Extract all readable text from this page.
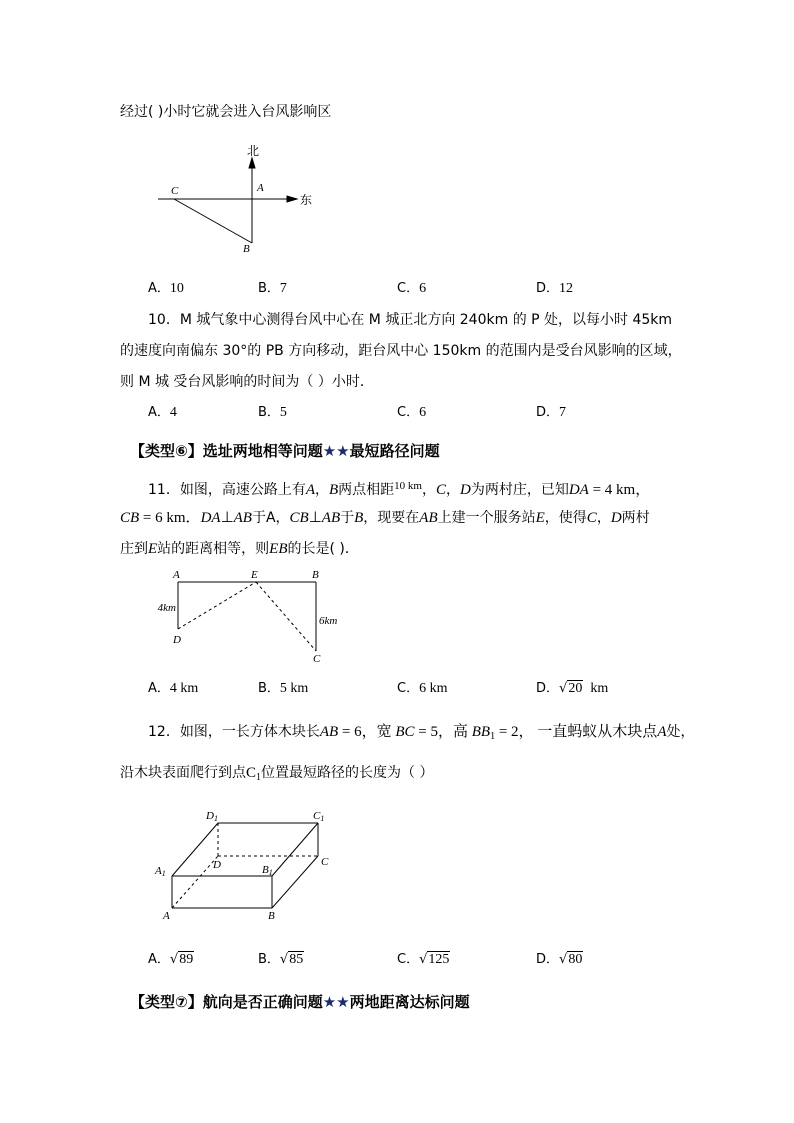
经过( )小时它就会进入台风影响区
北
东
C	A
B
A．10	B．7	C．6	D．12
10．M 城气象中心测得台风中心在 M 城正北方向 240km 的 P 处，以每小时 45km
的速度向南偏东 30°的 PB 方向移动，距台风中心 150km 的范围内是受台风影响的区域，
则 M 城 受台风影响的时间为（ ）小时．
A．4	B．5	C．6	D．7
【类型⑥】选址两地相等问题★★最短路径问题
11．如图，高速公路上有A，B两点相距$^{10 km}$，C，D为两村庄，已知DA = 4 km，
CB = 6 km．DA⊥AB于A，CB⊥AB于B，现要在AB上建一个服务站E，使得C，D两村
庄到E站的距离相等，则EB的长是( )．
A	E	B
D
C
4km
6km
A．4 km	B．5 km	C．6 km	D．√20 km
12．如图，一长方体木块长AB = 6，宽 BC = 5，高 $BB_1 = 2$， 一直蚂蚁从木块点A处，
沿木块表面爬行到点$C_1$位置最短路径的长度为（ ）
D1	C1
D	C
A1	B1
A	B
A．√89	B．√85	C．√125	D．√80
【类型⑦】航向是否正确问题★★两地距离达标问题
